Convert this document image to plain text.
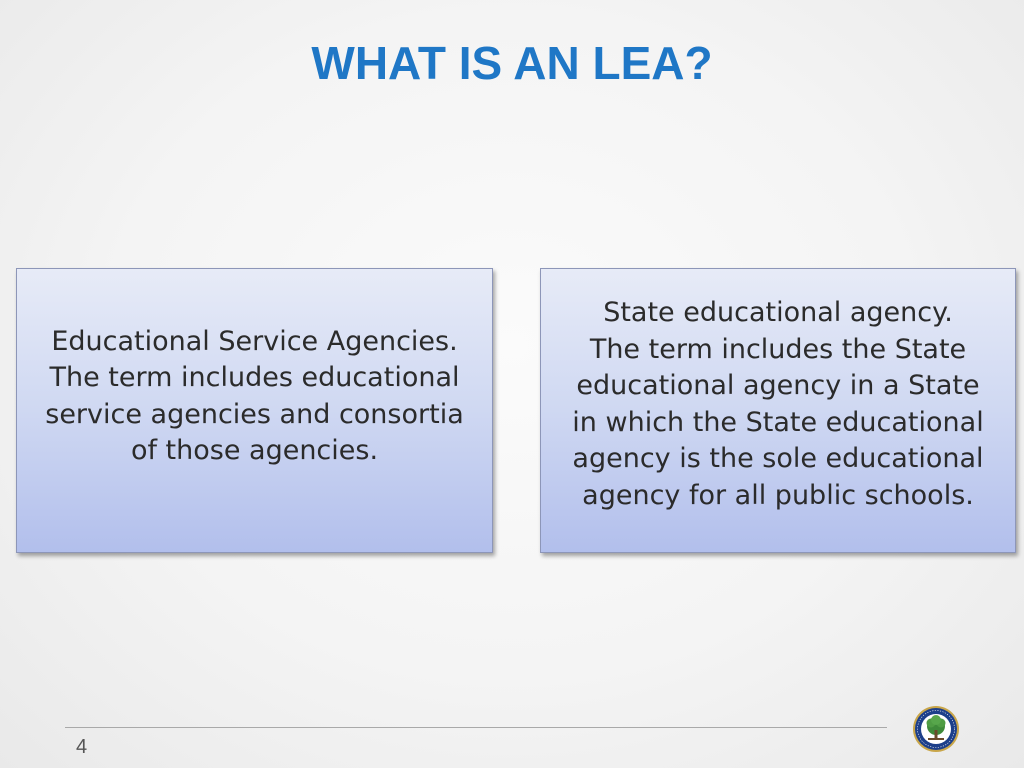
WHAT IS AN LEA?
Educational Service Agencies.
The term includes educational
service agencies and consortia
of those agencies.
State educational agency.
The term includes the State
educational agency in a State
in which the State educational
agency is the sole educational
agency for all public schools.
4
